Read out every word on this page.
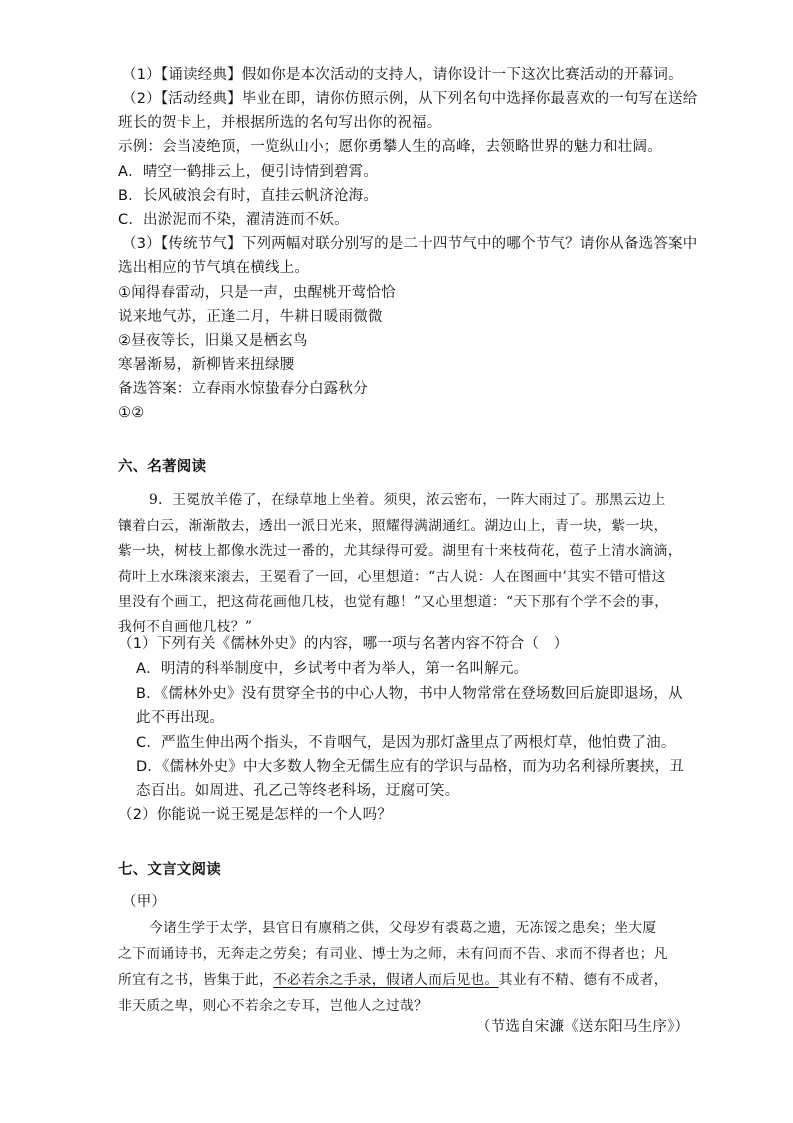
（1）【诵读经典】假如你是本次活动的支持人，请你设计一下这次比赛活动的开幕词。
（2）【活动经典】毕业在即，请你仿照示例，从下列名句中选择你最喜欢的一句写在送给
班长的贺卡上，并根据所选的名句写出你的祝福。
示例：会当凌绝顶，一览纵山小；愿你勇攀人生的高峰，去领略世界的魅力和壮阔。
A．晴空一鹤排云上，便引诗情到碧霄。
B．长风破浪会有时，直挂云帆济沧海。
C．出淤泥而不染，濯清涟而不妖。
（3）【传统节气】下列两幅对联分别写的是二十四节气中的哪个节气？请你从备选答案中
选出相应的节气填在横线上。
①闻得春雷动，只是一声，虫醒桃开莺恰恰
说来地气苏，正逢二月，牛耕日暖雨微微
②昼夜等长，旧巢又是栖玄鸟
寒暑渐易，新柳皆来扭绿腰
备选答案：立春雨水惊蛰春分白露秋分
①②
六、名著阅读
9．王冕放羊倦了，在绿草地上坐着。须臾，浓云密布，一阵大雨过了。那黑云边上
镶着白云，渐渐散去，透出一派日光来，照耀得满湖通红。湖边山上，青一块，紫一块，
紫一块，树枝上都像水洗过一番的，尤其绿得可爱。湖里有十来枝荷花，苞子上清水滴滴，
荷叶上水珠滚来滚去，王冕看了一回，心里想道：“古人说：人在图画中’其实不错可惜这
里没有个画工，把这荷花画他几枝，也觉有趣！”又心里想道：“天下那有个学不会的事，
我何不自画他几枝？”
（1）下列有关《儒林外史》的内容，哪一项与名著内容不符合（　）
A．明清的科举制度中，乡试考中者为举人，第一名叫解元。
B．《儒林外史》没有贯穿全书的中心人物，书中人物常常在登场数回后旋即退场，从
此不再出现。
C．严监生伸出两个指头，不肯咽气，是因为那灯盏里点了两根灯草，他怕费了油。
D．《儒林外史》中大多数人物全无儒生应有的学识与品格，而为功名利禄所裹挟，丑
态百出。如周进、孔乙己等终老科场，迂腐可笑。
（2）你能说一说王冕是怎样的一个人吗？
七、文言文阅读
（甲）
今诸生学于太学，县官日有廪稍之供，父母岁有裘葛之遗，无冻馁之患矣；坐大厦
之下而诵诗书，无奔走之劳矣；有司业、博士为之师，未有问而不告、求而不得者也；凡
所宜有之书，皆集于此，不必若余之手录，假诸人而后见也。其业有不精、德有不成者，
非天质之卑，则心不若余之专耳，岂他人之过哉？
（节选自宋濂《送东阳马生序》）
